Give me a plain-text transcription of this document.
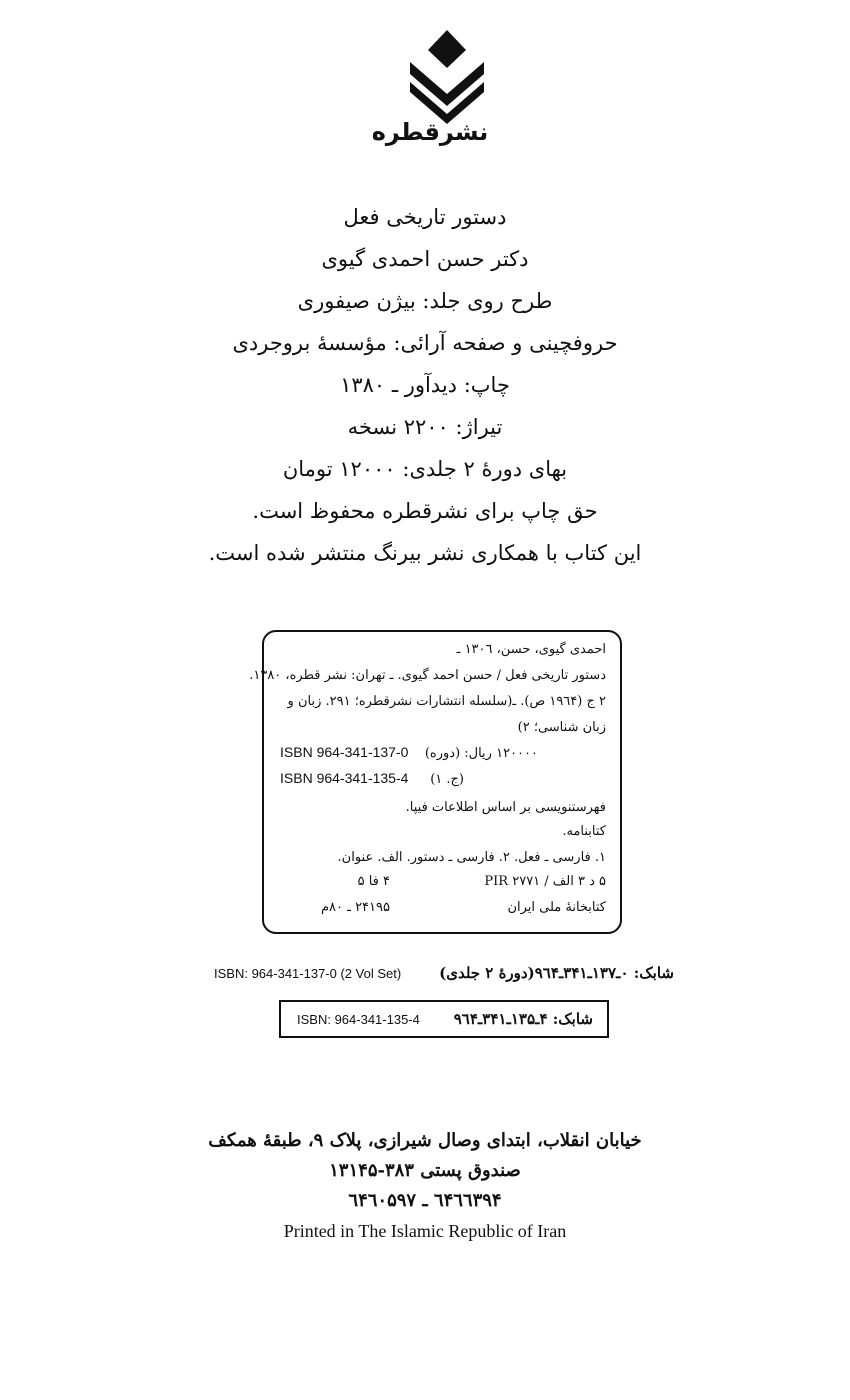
نشرقطره
دستور تاریخی فعل
دکتر حسن احمدی گیوی
طرح روی جلد: بیژن صیفوری
حروفچینی و صفحه آرائی: مؤسسهٔ بروجردی
چاپ: دیدآور ـ ۱۳۸۰
تیراژ: ۲۲۰۰ نسخه
بهای دورهٔ ۲ جلدی: ۱۲۰۰۰ تومان
حق چاپ برای نشرقطره محفوظ است.
این کتاب با همکاری نشر بیرنگ منتشر شده است.
احمدی گیوی، حسن، ۱۳۰٦ ـ
دستور تاریخی فعل / حسن احمد گیوی. ـ تهران: نشر قطره، ۱۳۸۰.
۲ ج (۱۹٦۴ ص). ـ(سلسله انتشارات نشرقطره؛ ۲۹۱. زبان و
زبان شناسی؛ ۲)
۱۲۰۰۰۰ ریال: (دوره)
ISBN 964-341-137-0
(ج. ۱)
ISBN 964-341-135-4
فهرستنویسی بر اساس اطلاعات فیپا.
کتابنامه.
۱. فارسی ـ فعل. ۲. فارسی ـ دستور. الف. عنوان.
۵ د ۳ الف / PIR ۲۷۷۱
۴ فا ۵
کتابخانهٔ ملی ایران
۲۴۱۹۵ ـ ۸۰م
ISBN: 964-341-137-0 (2 Vol Set)	شابک: ۰ـ۱۳۷ـ۳۴۱ـ۹٦۴(دورهٔ ۲ جلدی)
ISBN: 964-341-135-4 شابک: ۴ـ۱۳۵ـ۳۴۱ـ۹٦۴
خیابان انقلاب، ابتدای وصال شیرازی، پلاک ۹، طبقهٔ همکف
صندوق پستی ۳۸۳-۱۳۱۴۵
٦۴٦٦۳۹۴ ـ ٦۴٦۰۵۹۷
Printed in The Islamic Republic of Iran
